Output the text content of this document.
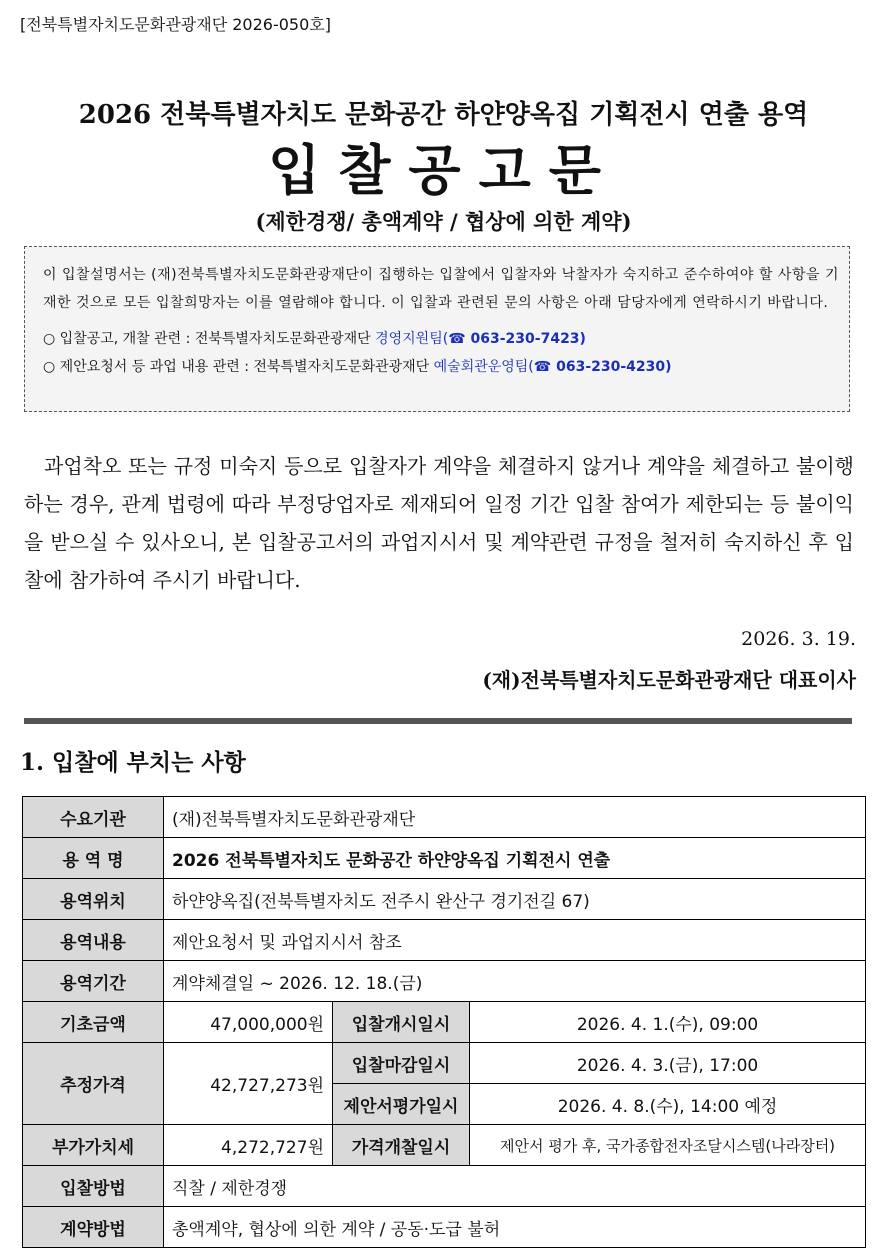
[전북특별자치도문화관광재단 2026-050호]
2026 전북특별자치도 문화공간 하얀양옥집 기획전시 연출 용역
입찰공고문
(제한경쟁/ 총액계약 / 협상에 의한 계약)
이 입찰설명서는 (재)전북특별자치도문화관광재단이 집행하는 입찰에서 입찰자와 낙찰자가 숙지하고 준수하여야 할 사항을 기재한 것으로 모든 입찰희망자는 이를 열람해야 합니다. 이 입찰과 관련된 문의 사항은 아래 담당자에게 연락하시기 바랍니다.
○ 입찰공고, 개찰 관련 : 전북특별자치도문화관광재단 경영지원팀(☎ 063-230-7423)
○ 제안요청서 등 과업 내용 관련 : 전북특별자치도문화관광재단 예술회관운영팀(☎ 063-230-4230)
과업착오 또는 규정 미숙지 등으로 입찰자가 계약을 체결하지 않거나 계약을 체결하고 불이행하는 경우, 관계 법령에 따라 부정당업자로 제재되어 일정 기간 입찰 참여가 제한되는 등 불이익을 받으실 수 있사오니, 본 입찰공고서의 과업지시서 및 계약관련 규정을 철저히 숙지하신 후 입찰에 참가하여 주시기 바랍니다.
2026. 3. 19.
(재)전북특별자치도문화관광재단 대표이사
1. 입찰에 부치는 사항
수요기관	(재)전북특별자치도문화관광재단		
용 역 명	2026 전북특별자치도 문화공간 하얀양옥집 기획전시 연출		
용역위치	하얀양옥집(전북특별자치도 전주시 완산구 경기전길 67)		
용역내용	제안요청서 및 과업지시서 참조		
용역기간	계약체결일 ~ 2026. 12. 18.(금)		
기초금액	47,000,000원	입찰개시일시	2026. 4. 1.(수), 09:00

추정가격	42,727,273원	입찰마감일시	2026. 4. 3.(금), 17:00
		제안서평가일시	2026. 4. 8.(수), 14:00 예정
부가가치세	4,272,727원	가격개찰일시	제안서 평가 후, 국가종합전자조달시스템(나라장터)
입찰방법	직찰 / 제한경쟁		
계약방법	총액계약, 협상에 의한 계약 / 공동·도급 불허		
